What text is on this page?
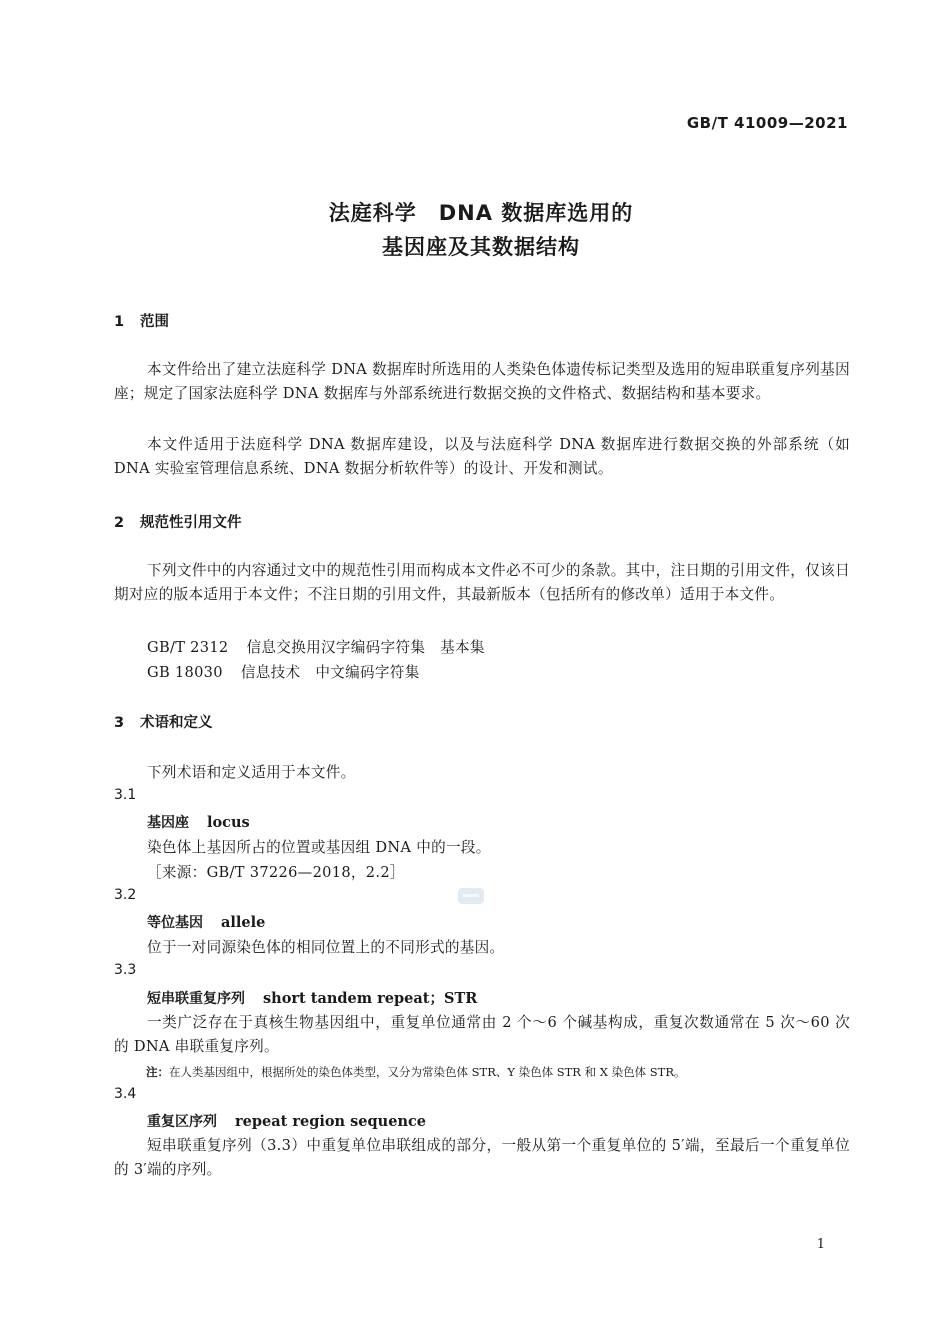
GB/T 41009—2021
法庭科学　DNA 数据库选用的
基因座及其数据结构
1 范围
本文件给出了建立法庭科学 DNA 数据库时所选用的人类染色体遗传标记类型及选用的短串联重复序列基因座；规定了国家法庭科学 DNA 数据库与外部系统进行数据交换的文件格式、数据结构和基本要求。
本文件适用于法庭科学 DNA 数据库建设，以及与法庭科学 DNA 数据库进行数据交换的外部系统（如 DNA 实验室管理信息系统、DNA 数据分析软件等）的设计、开发和测试。
2 规范性引用文件
下列文件中的内容通过文中的规范性引用而构成本文件必不可少的条款。其中，注日期的引用文件，仅该日期对应的版本适用于本文件；不注日期的引用文件，其最新版本（包括所有的修改单）适用于本文件。
GB/T 2312 信息交换用汉字编码字符集　基本集
GB 18030 信息技术　中文编码字符集
3 术语和定义
下列术语和定义适用于本文件。
3.1
基因座 locus
染色体上基因所占的位置或基因组 DNA 中的一段。
［来源：GB/T 37226—2018，2.2］
3.2
等位基因 allele
位于一对同源染色体的相同位置上的不同形式的基因。
3.3
短串联重复序列 short tandem repeat；STR
一类广泛存在于真核生物基因组中，重复单位通常由 2 个～6 个碱基构成，重复次数通常在 5 次～60 次的 DNA 串联重复序列。
注：在人类基因组中，根据所处的染色体类型，又分为常染色体 STR、Y 染色体 STR 和 X 染色体 STR。
3.4
重复区序列 repeat region sequence
短串联重复序列（3.3）中重复单位串联组成的部分，一般从第一个重复单位的 5′端，至最后一个重复单位的 3′端的序列。
1
